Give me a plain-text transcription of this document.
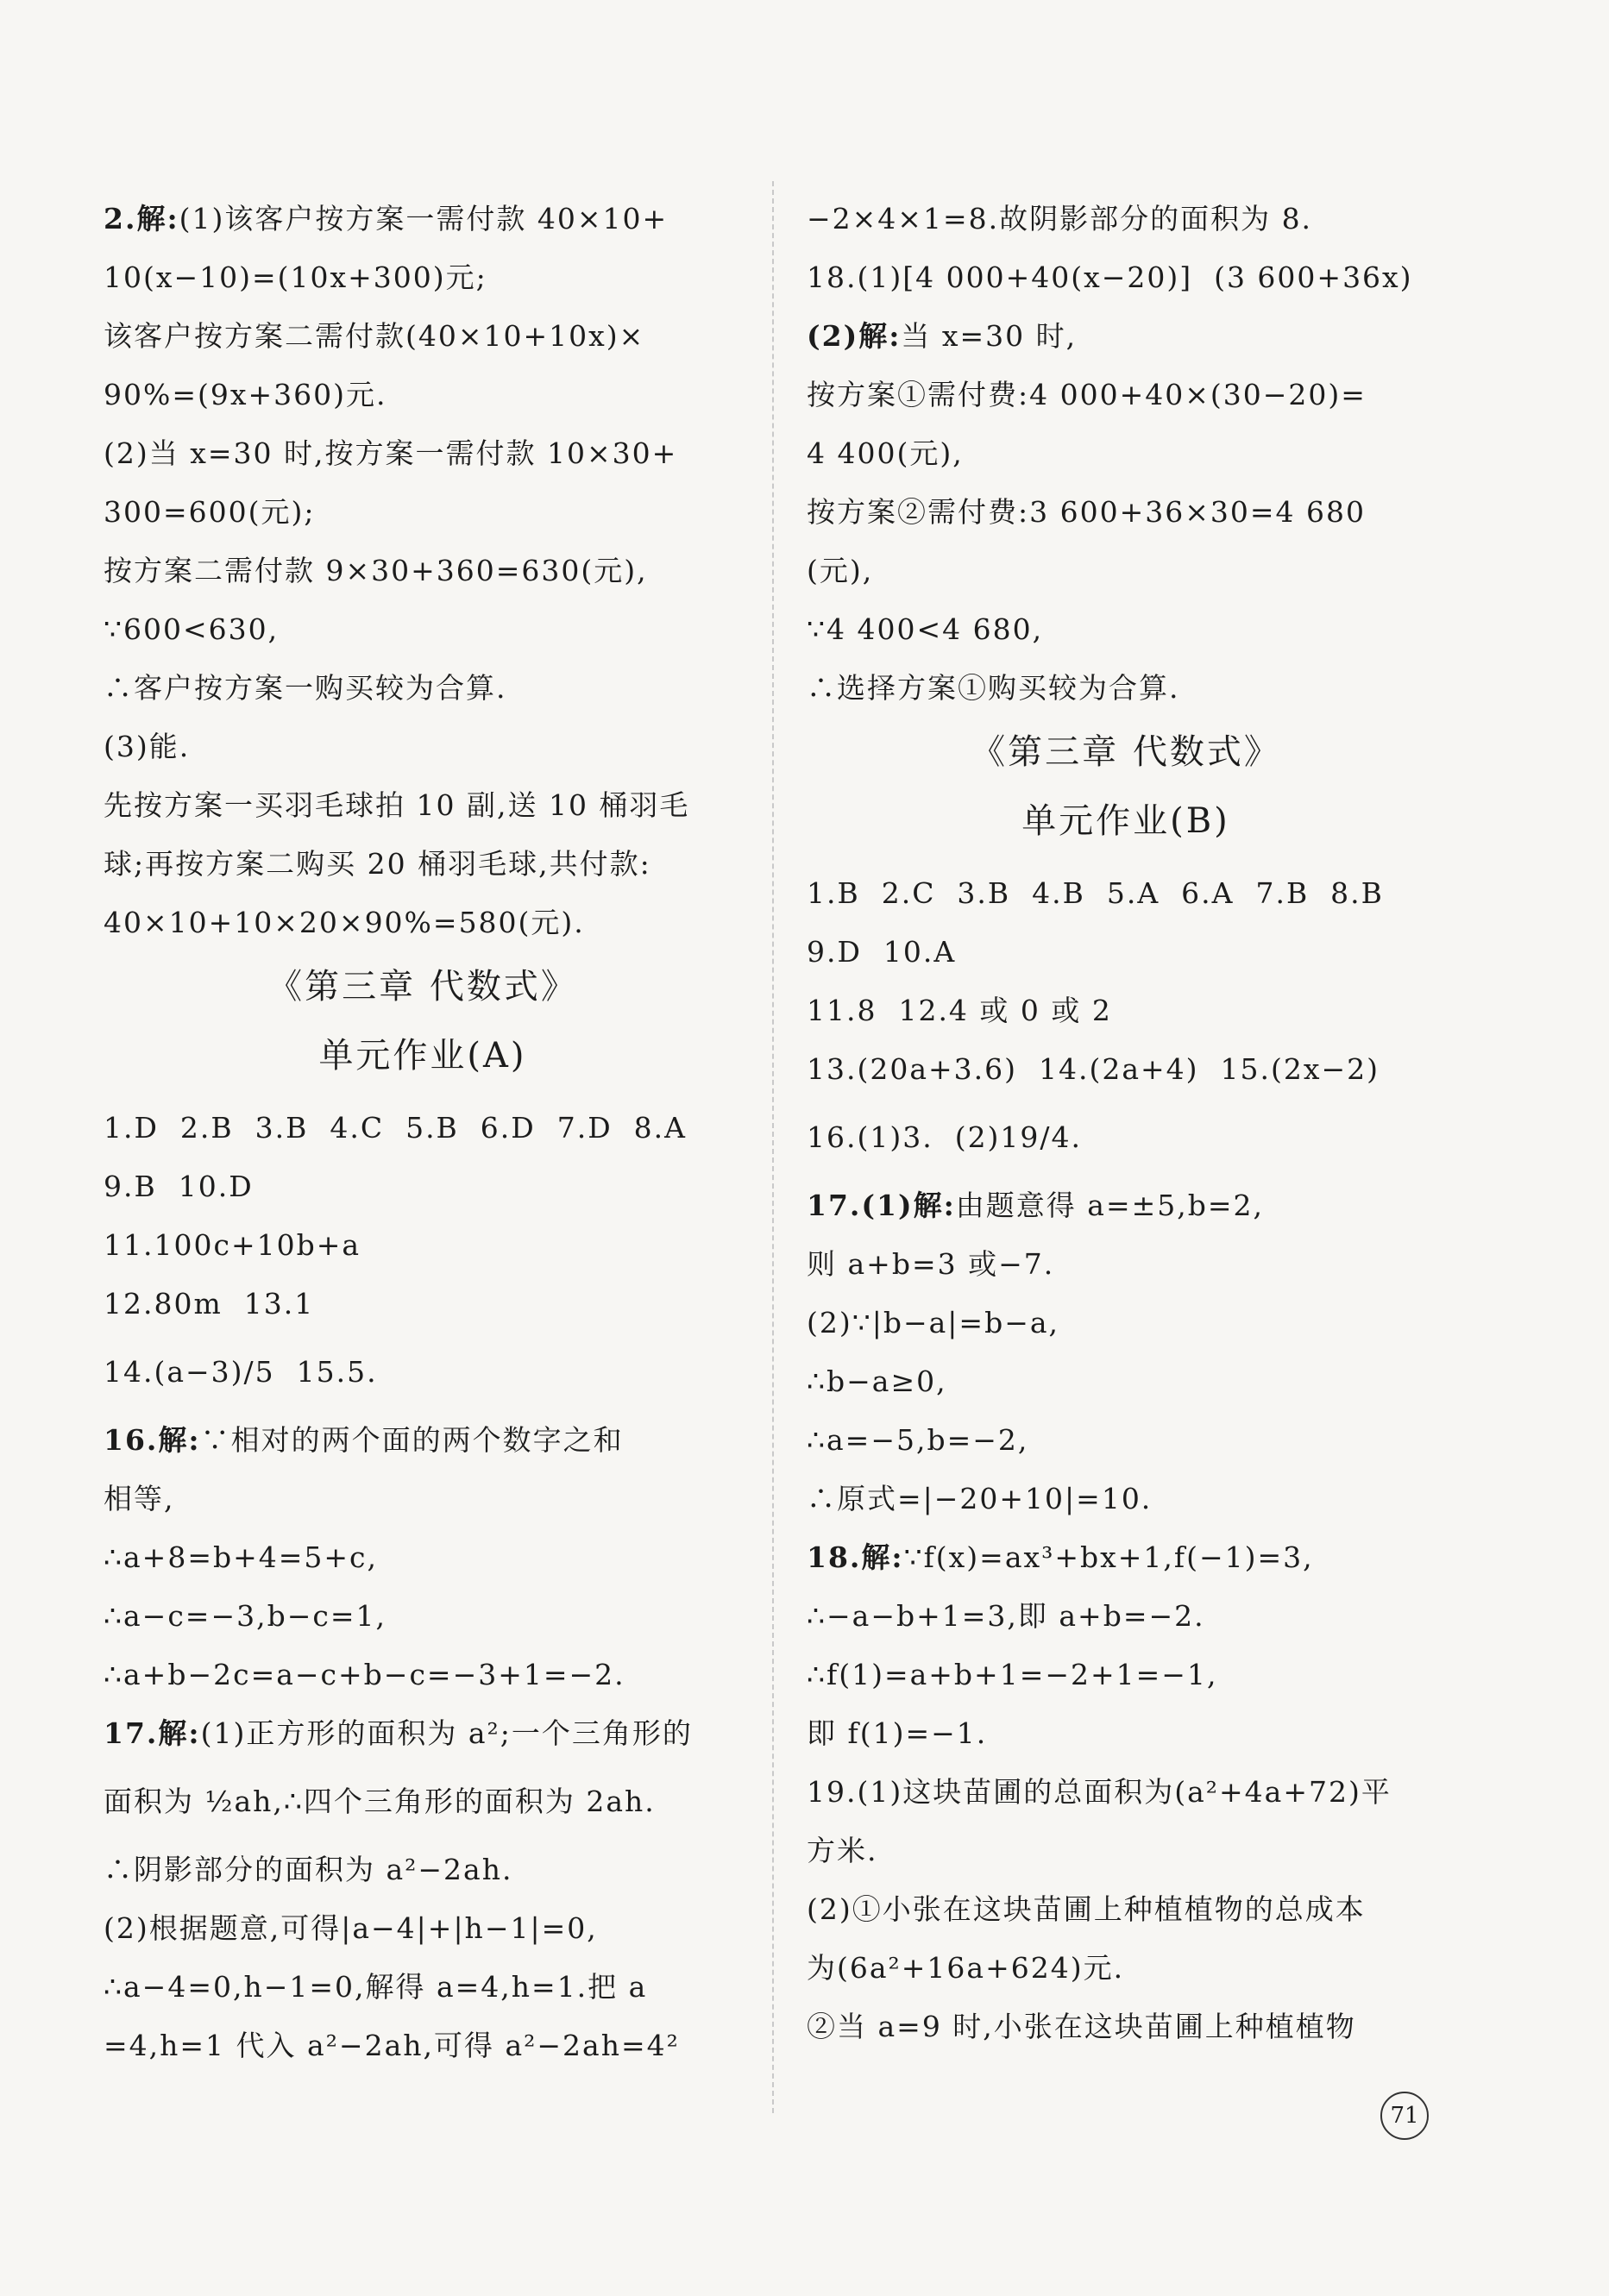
2.解:(1)该客户按方案一需付款 40×10+

10(x−10)=(10x+300)元;

该客户按方案二需付款(40×10+10x)×

90%=(9x+360)元.

(2)当 x=30 时,按方案一需付款 10×30+

300=600(元);

按方案二需付款 9×30+360=630(元),

∵600<630,

∴客户按方案一购买较为合算.

(3)能.

先按方案一买羽毛球拍 10 副,送 10 桶羽毛

球;再按方案二购买 20 桶羽毛球,共付款:

40×10+10×20×90%=580(元).

《第三章 代数式》

单元作业(A)

1.D  2.B  3.B  4.C  5.B  6.D  7.D  8.A

9.B  10.D

11.100c+10b+a

12.80m  13.1

14.(a−3)/5  15.5.

16.解:∵相对的两个面的两个数字之和

相等,

∴a+8=b+4=5+c,

∴a−c=−3,b−c=1,

∴a+b−2c=a−c+b−c=−3+1=−2.

17.解:(1)正方形的面积为 a²;一个三角形的

面积为 ½ah,∴四个三角形的面积为 2ah.

∴阴影部分的面积为 a²−2ah.

(2)根据题意,可得|a−4|+|h−1|=0,

∴a−4=0,h−1=0,解得 a=4,h=1.把 a

=4,h=1 代入 a²−2ah,可得 a²−2ah=4²

−2×4×1=8.故阴影部分的面积为 8.

18.(1)[4 000+40(x−20)]  (3 600+36x)

(2)解:当 x=30 时,

按方案①需付费:4 000+40×(30−20)=

4 400(元),

按方案②需付费:3 600+36×30=4 680

(元),

∵4 400<4 680,

∴选择方案①购买较为合算.

《第三章 代数式》

单元作业(B)

1.B  2.C  3.B  4.B  5.A  6.A  7.B  8.B

9.D  10.A

11.8  12.4 或 0 或 2

13.(20a+3.6)  14.(2a+4)  15.(2x−2)

16.(1)3.  (2)19/4.

17.(1)解:由题意得 a=±5,b=2,

则 a+b=3 或−7.

(2)∵|b−a|=b−a,

∴b−a≥0,

∴a=−5,b=−2,

∴原式=|−20+10|=10.

18.解:∵f(x)=ax³+bx+1,f(−1)=3,

∴−a−b+1=3,即 a+b=−2.

∴f(1)=a+b+1=−2+1=−1,

即 f(1)=−1.

19.(1)这块苗圃的总面积为(a²+4a+72)平

方米.

(2)①小张在这块苗圃上种植植物的总成本

为(6a²+16a+624)元.

②当 a=9 时,小张在这块苗圃上种植植物

71
